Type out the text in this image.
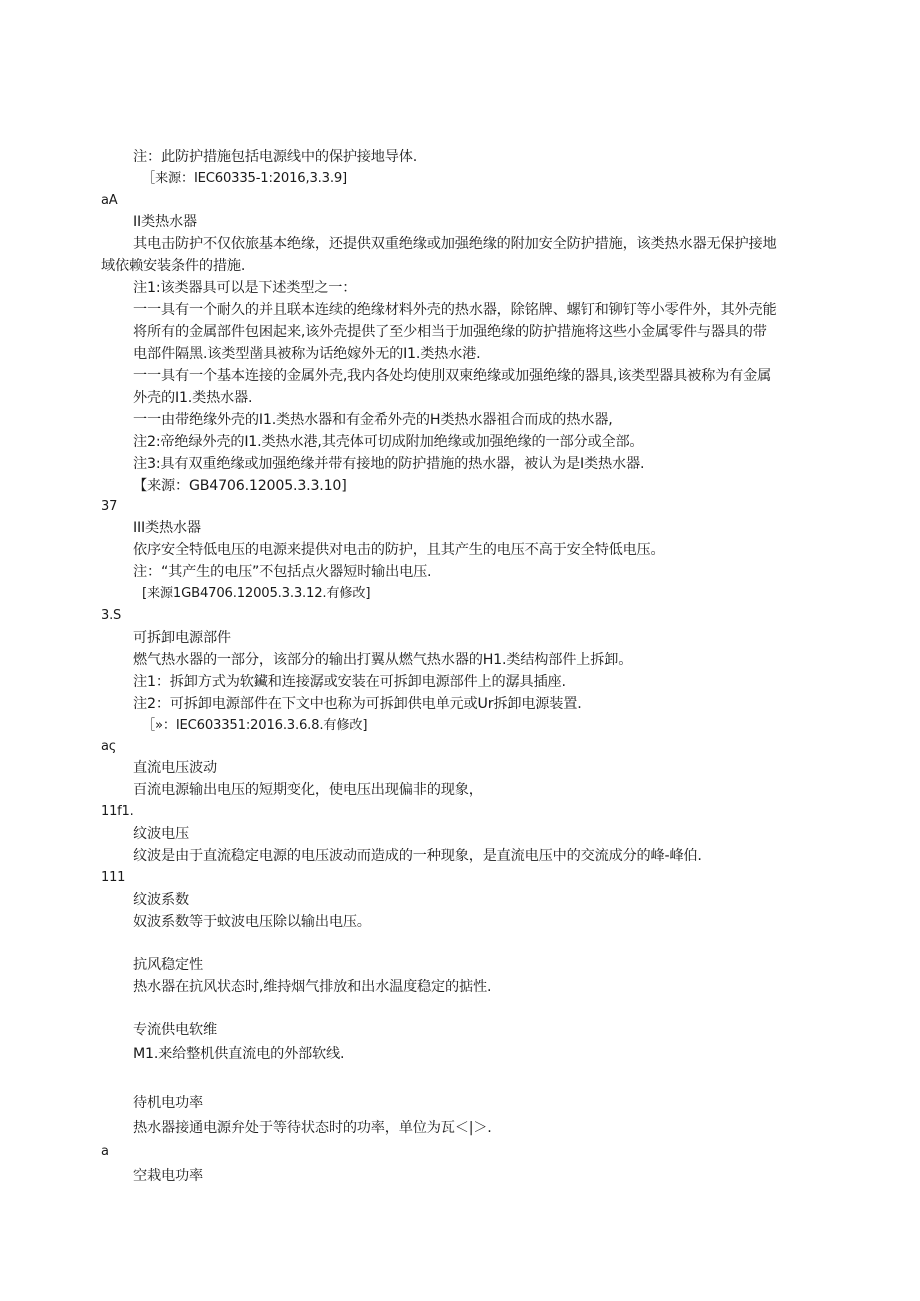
注：此防护措施包括电源线中的保护接地导体.
［来源：IEC60335-1:2016,3.3.9]
aA
II类热水器
其电击防护不仅依旅基本绝缘，还提供双重绝缘或加强绝缘的附加安全防护措施，该类热水器无保护接地
域依赖安装条件的措施.
注1:该类器具可以是下述类型之一：
一一具有一个耐久的并且联本连续的绝缘材料外壳的热水器，除铭牌、螺钉和铆钉等小零件外，其外壳能
将所有的金属部件包困起来,该外壳提供了至少相当于加强绝缘的防护措施将这些小金属零件与器具的带
电部件隔黑.该类型凿具被称为话绝嫁外无的I1.类热水港.
一一具有一个基本连接的金属外壳,我内各处均使刖双柬绝缘或加强绝缘的器具,该类型器具被称为有金属
外壳的I1.类热水器.
一一由带绝缘外壳的I1.类热水器和有金希外壳的H类热水器祖合而成的热水器,
注2:帝绝绿外壳的I1.类热水港,其壳体可切成附加绝缘或加强绝缘的一部分或全部。
注3:具有双重绝缘或加强绝缘并带有接地的防护措施的热水器，被认为是I类热水器.
【来源：GB4706.12005.3.3.10]
37
III类热水器
依序安全特低电压的电源来提供对电击的防护，且其产生的电压不高于安全特低电压。
注：“其产生的电压”不包括点火器短时输出电压.
[来源1GB4706.12005.3.3.12.有修改]
3.S
可拆卸电源部件
燃气热水器的一部分，该部分的输出打翼从燃气热水器的H1.类结构部件上拆卸。
注1：拆卸方式为软鑶和连接潺或安装在可拆卸电源部件上的潺具插座.
注2：可拆卸电源部件在下文中也称为可拆卸供电单元或Ur拆卸电源装置.
［»：IEC603351:2016.3.6.8.有修改]
aς
直流电压波动
百流电源输出电压的短期变化，使电压出现偏非的现象，
11f1.
纹波电压
纹波是由于直流稳定电源的电压波动而造成的一种现象，是直流电压中的交流成分的峰-峰伯.
111
纹波系数
奴波系数等于蚊波电压除以输出电压。
抗风稳定性
热水器在抗风状态时,维持烟气排放和出水温度稳定的掂性.
专流供电软维
M1.来给整机供直流电的外部软线.
待机电功率
热水器接通电源弁处于等待状态时的功率，单位为瓦＜|＞.
a
空栽电功率
